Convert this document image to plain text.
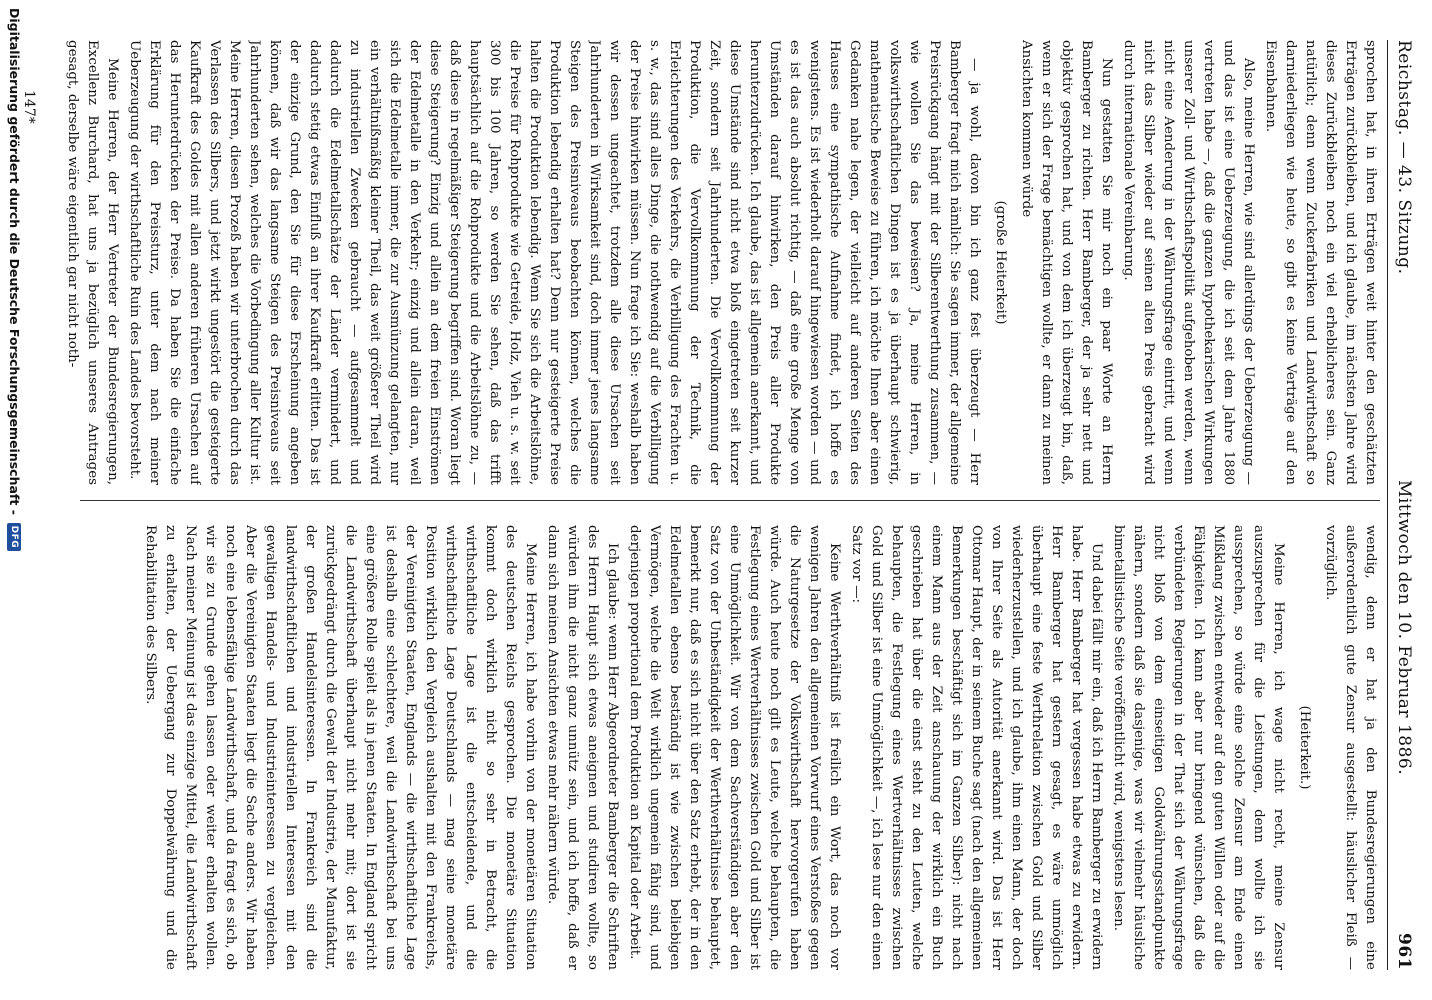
Reichstag. — 43. Sitzung.
Mittwoch den 10. Februar 1886.
961

sprochen hat, in ihren Erträgen weit hinter den geschätzten Erträgen zurückbleiben, und ich glaube, im nächsten Jahre wird dieses Zurückbleiben noch ein viel erheblicheres sein. Ganz natürlich; denn wenn Zuckerfabriken und Landwirthschaft so darniederliegen wie heute, so gibt es keine Verträge auf den Eisenbahnen.

Also, meine Herren, wie sind allerdings der Ueberzeugung — und das ist eine Ueberzeugung, die ich seit dem Jahre 1880 vertreten habe —, daß die ganzen hypothekarischen Wirkungen unserer Zoll- und Wirthschaftspolitik aufgehoben werden, wenn nicht eine Aenderung in der Währungsfrage eintritt, und wenn nicht das Silber wieder auf seinen alten Preis gebracht wird durch internationale Vereinbarung.

Nun gestatten Sie mir noch ein paar Worte an Herrn Bamberger zu richten. Herr Bamberger, der ja sehr nett und objektiv gesprochen hat, und von dem ich überzeugt bin, daß, wenn er sich der Frage bemächtigen wollte, er dann zu meinen Ansichten kommen würde

(große Heiterkeit)

— ja wohl, davon bin ich ganz fest überzeugt — Herr Bamberger fragt mich nämlich: Sie sagen immer, der allgemeine Preisrückgang hängt mit der Silberentwerthung zusammen, — wie wollen Sie das beweisen? Ja, meine Herren, in volkswirthschaftlichen Dingen ist es ja überhaupt schwierig, mathematische Beweise zu führen, ich möchte Ihnen aber einen Gedanken nahe legen, der vielleicht auf anderen Seiten des Hauses eine sympathische Aufnahme findet, ich hoffe es wenigstens. Es ist wiederholt darauf hingewiesen worden — und es ist das auch absolut richtig, — daß eine große Menge von Umständen darauf hinwirken, den Preis aller Produkte herunterzudrücken. Ich glaube, das ist allgemein anerkannt, und diese Umstände sind nicht etwa bloß eingetreten seit kurzer Zeit, sondern seit Jahrhunderten. Die Vervollkommnung der Produktion, die Vervollkommnung der Technik, die Erleichterungen des Verkehrs, die Verbilligung des Frachten u. s. w., das sind alles Dinge, die nothwendig auf die Verbilligung der Preise hinwirken müssen. Nun frage ich Sie: weshalb haben wir dessen ungeachtet, trotzdem alle diese Ursachen seit Jahrhunderten in Wirksamkeit sind, doch immer jenes langsame Steigen des Preisniveaus beobachten können, welches die Produktion lebendig erhalten hat? Denn nur gesteigerte Preise halten die Produktion lebendig. Wenn Sie sich die Arbeitslöhne, die Preise für Rohprodukte wie Getreide, Holz, Vieh u. s. w. seit 300 bis 100 Jahren, so werden Sie sehen, daß das trifft hauptsächlich auf die Rohprodukte und die Arbeitslöhne zu, — daß diese in regelmäßiger Steigerung begriffen sind. Woran liegt diese Steigerung? Einzig und allein an dem freien Einströmen der Edelmetalle in den Verkehr; einzig und allein daran, weil sich die Edelmetalle immer, die zur Ausmünzung gelangten, nur ein verhältnißmäßig kleiner Theil, das weit größerer Theil wird zu industriellen Zwecken gebraucht — aufgesammelt und dadurch die Edelmetallschätze der Länder vermindert, und dadurch stetig etwas Einfluß an ihrer Kaufkraft erlitten. Das ist der einzige Grund, den Sie für diese Erscheinung angeben können, daß wir das langsame Steigen des Preisniveaus seit Jahrhunderten sehen, welches die Vorbedingung aller Kultur ist. Meine Herren, diesen Prozeß haben wir unterbrochen durch das Verlassen des Silbers, und jetzt wirkt ungestört die gesteigerte Kaufkraft des Goldes mit allen anderen früheren Ursachen auf das Herunterdrücken der Preise. Da haben Sie die einfache Erklärung für den Preissturz, unter dem nach meiner Ueberzeugung der wirthschaftliche Ruin des Landes bevorsteht.

Meine Herren, der Herr Vertreter der Bundesregierungen, Excellenz Burchard, hat uns ja bezüglich unseres Antrages gesagt, derselbe wäre eigentlich gar nicht noth-

wendig, denn er hat ja den Bundesregierungen eine außerordentlich gute Zensur ausgestellt: häuslicher Fleiß — vorzüglich.

(Heiterkeit.)

Meine Herren, ich wage nicht recht, meine Zensur auszusprechen für die Leistungen, denn wollte ich sie aussprechen, so würde eine solche Zensur am Ende einen Mißklang zwischen entweder auf den guten Willen oder auf die Fähigkeiten. Ich kann aber nur bringend wünschen, daß die verbündeten Regierungen in der That sich der Währungsfrage nicht bloß von dem einseitigen Goldwährungsstandpunkte nähern, sondern daß sie dasjenige, was wir vielmehr häusliche bimetallistische Seite veröffentlicht wird, wenigstens lesen.

Und dabei fällt mir ein, daß ich Herrn Bamberger zu erwidern habe. Herr Bamberger hat vergessen habe etwas zu erwidern. Herr Bamberger hat gestern gesagt, es wäre unmöglich überhaupt eine feste Werthrelation zwischen Gold und Silber wiederherzustellen, und ich glaube, ihm einen Mann, der doch von Ihrer Seite als Autorität anerkannt wird. Das ist Herr Ottomar Haupt, der in seinem Buche sagt (nach den allgemeinen Bemerkungen beschäftigt sich im Ganzen Silber): nicht nach einem Mann aus der Zeit anschauung der wirklich ein Buch geschrieben hat über die einst steht zu den Leuten, welche behaupten, die Festlegung eines Wertverhältnisses zwischen Gold und Silber ist eine Unmöglichkeit —, ich lese nur den einen Satz vor —:

Keine Werthverhältniß ist freilich ein Wort, das noch vor wenigen Jahren den allgemeinen Vorwurf eines Verstoßes gegen die Naturgesetze der Volkswirthschaft hervorgerufen haben würde. Auch heute noch gilt es Leute, welche behaupten, die Festlegung eines Wertverhältnisses zwischen Gold und Silber ist eine Unmöglichkeit. Wir von dem Sachverständigen aber den Satz von der Unbeständigkeit der Werthverhältnisse behauptet, bemerkt nur, daß es sich nicht über den Satz erhebt, der in den Edelmetallen ebenso beständig ist wie zwischen beliebigen Vermögen, welche die Welt wirklich ungemein fähig sind, und derjenigen proportional dem Produktion an Kapital oder Arbeit.

Ich glaube: wenn Herr Abgeordneter Bamberger die Schriften des Herrn Haupt sich etwas aneignen und studiren wollte, so würden ihm die nicht ganz unnütz sein, und ich hoffe, daß er dann sich meinen Ansichten etwas mehr nähern würde.

Meine Herren, ich habe vorhin von der monetären Situation des deutschen Reichs gesprochen. Die monetäre Situation kommt doch wirklich nicht so sehr in Betracht, die wirthschaftliche Lage ist die entscheidende, und die wirthschaftliche Lage Deutschlands — mag seine monetäre Position wirklich den Vergleich aushalten mit den Frankreichs, der Vereinigten Staaten, Englands — die wirthschaftliche Lage ist deshalb eine schlechtere, weil die Landwirthschaft bei uns eine größere Rolle spielt als in jenen Staaten. In England spricht die Landwirthschaft überhaupt nicht mehr mit; dort ist sie zurückgedrängt durch die Gewalt der Industrie, der Manufaktur, der großen Handelsinteressen. In Frankreich sind die landwirthschaftlichen und industriellen Interessen mit den gewaltigen Handels- und Industrieinteressen zu vergleichen. Aber die Vereinigten Staaten liegt die Sache anders. Wir haben noch eine lebensfähige Landwirthschaft, und da fragt es sich, ob wir sie zu Grunde gehen lassen oder weiter erhalten wollen. Nach meiner Meinung ist das einzige Mittel, die Landwirthschaft zu erhalten, der Uebergang zur Doppelwährung und die Rehabilitation des Silbers.

147*
Digitalisierung gefördert durch die Deutsche Forschungsgemeinschaft -
DFG
